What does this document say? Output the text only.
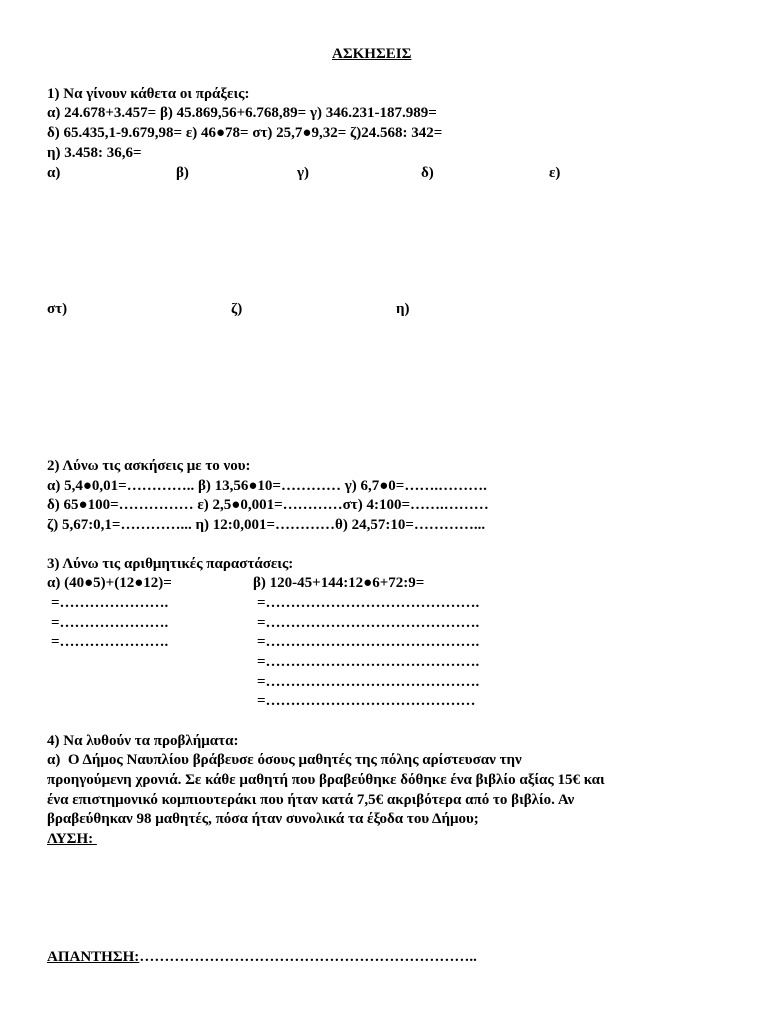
ΑΣΚΗΣΕΙΣ
1) Να γίνουν κάθετα οι πράξεις:
α) 24.678+3.457= β) 45.869,56+6.768,89= γ) 346.231-187.989=
δ) 65.435,1-9.679,98= ε) 46●78= στ) 25,7●9,32= ζ)24.568: 342=
η) 3.458: 36,6=
α)	β)	γ)	δ)	ε)
στ)	ζ)	η)
2) Λύνω τις ασκήσεις με το νου:
α) 5,4●0,01=………….. β) 13,56●10=………… γ) 6,7●0=…….……….
δ) 65●100=…………… ε) 2,5●0,001=…………στ) 4:100=…….………
ζ) 5,67:0,1=…………... η) 12:0,001=…………θ) 24,57:10=…………...
3) Λύνω τις αριθμητικές παραστάσεις:
α) (40●5)+(12●12)=	β) 120-45+144:12●6+72:9=
=………………….
=………………….
=………………….
=…………………………………….
=…………………………………….
=…………………………………….
=…………………………………….
=…………………………………….
=……………………………………
4) Να λυθούν τα προβλήματα:
α)  Ο Δήμος Ναυπλίου βράβευσε όσους μαθητές της πόλης αρίστευσαν την
προηγούμενη χρονιά. Σε κάθε μαθητή που βραβεύθηκε δόθηκε ένα βιβλίο αξίας 15€ και
ένα επιστημονικό κομπιουτεράκι που ήταν κατά 7,5€ ακριβότερα από το βιβλίο. Αν
βραβεύθηκαν 98 μαθητές, πόσα ήταν συνολικά τα έξοδα του Δήμου;
ΛΥΣΗ:
ΑΠΑΝΤΗΣΗ:…………………………………………………………..
